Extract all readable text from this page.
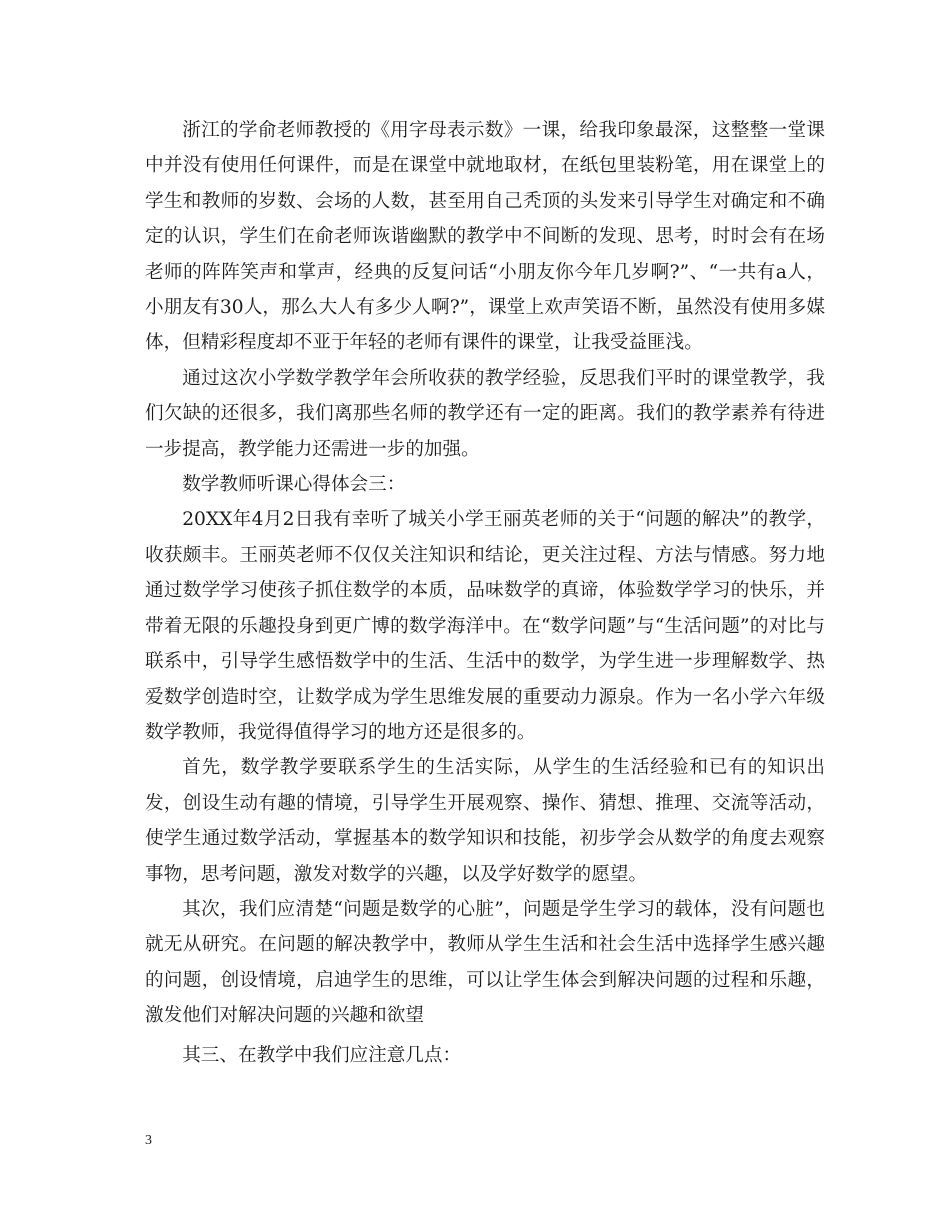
浙江的学俞老师教授的《用字母表示数》一课，给我印象最深，这整整一堂课中并没有使用任何课件，而是在课堂中就地取材，在纸包里装粉笔，用在课堂上的学生和教师的岁数、会场的人数，甚至用自己秃顶的头发来引导学生对确定和不确定的认识，学生们在俞老师诙谐幽默的教学中不间断的发现、思考，时时会有在场老师的阵阵笑声和掌声，经典的反复问话“小朋友你今年几岁啊?”、“一共有a人，小朋友有30人，那么大人有多少人啊?”，课堂上欢声笑语不断，虽然没有使用多媒体，但精彩程度却不亚于年轻的老师有课件的课堂，让我受益匪浅。

通过这次小学数学教学年会所收获的教学经验，反思我们平时的课堂教学，我们欠缺的还很多，我们离那些名师的教学还有一定的距离。我们的教学素养有待进一步提高，教学能力还需进一步的加强。

数学教师听课心得体会三：

20XX年4月2日我有幸听了城关小学王丽英老师的关于“问题的解决”的教学，收获颇丰。王丽英老师不仅仅关注知识和结论，更关注过程、方法与情感。努力地通过数学学习使孩子抓住数学的本质，品味数学的真谛，体验数学学习的快乐，并带着无限的乐趣投身到更广博的数学海洋中。在“数学问题”与“生活问题”的对比与联系中，引导学生感悟数学中的生活、生活中的数学，为学生进一步理解数学、热爱数学创造时空，让数学成为学生思维发展的重要动力源泉。作为一名小学六年级数学教师，我觉得值得学习的地方还是很多的。

首先，数学教学要联系学生的生活实际，从学生的生活经验和已有的知识出发，创设生动有趣的情境，引导学生开展观察、操作、猜想、推理、交流等活动，使学生通过数学活动，掌握基本的数学知识和技能，初步学会从数学的角度去观察事物，思考问题，激发对数学的兴趣，以及学好数学的愿望。

其次，我们应清楚“问题是数学的心脏”，问题是学生学习的载体，没有问题也就无从研究。在问题的解决教学中，教师从学生生活和社会生活中选择学生感兴趣的问题，创设情境，启迪学生的思维，可以让学生体会到解决问题的过程和乐趣，激发他们对解决问题的兴趣和欲望

其三、在教学中我们应注意几点：

3
